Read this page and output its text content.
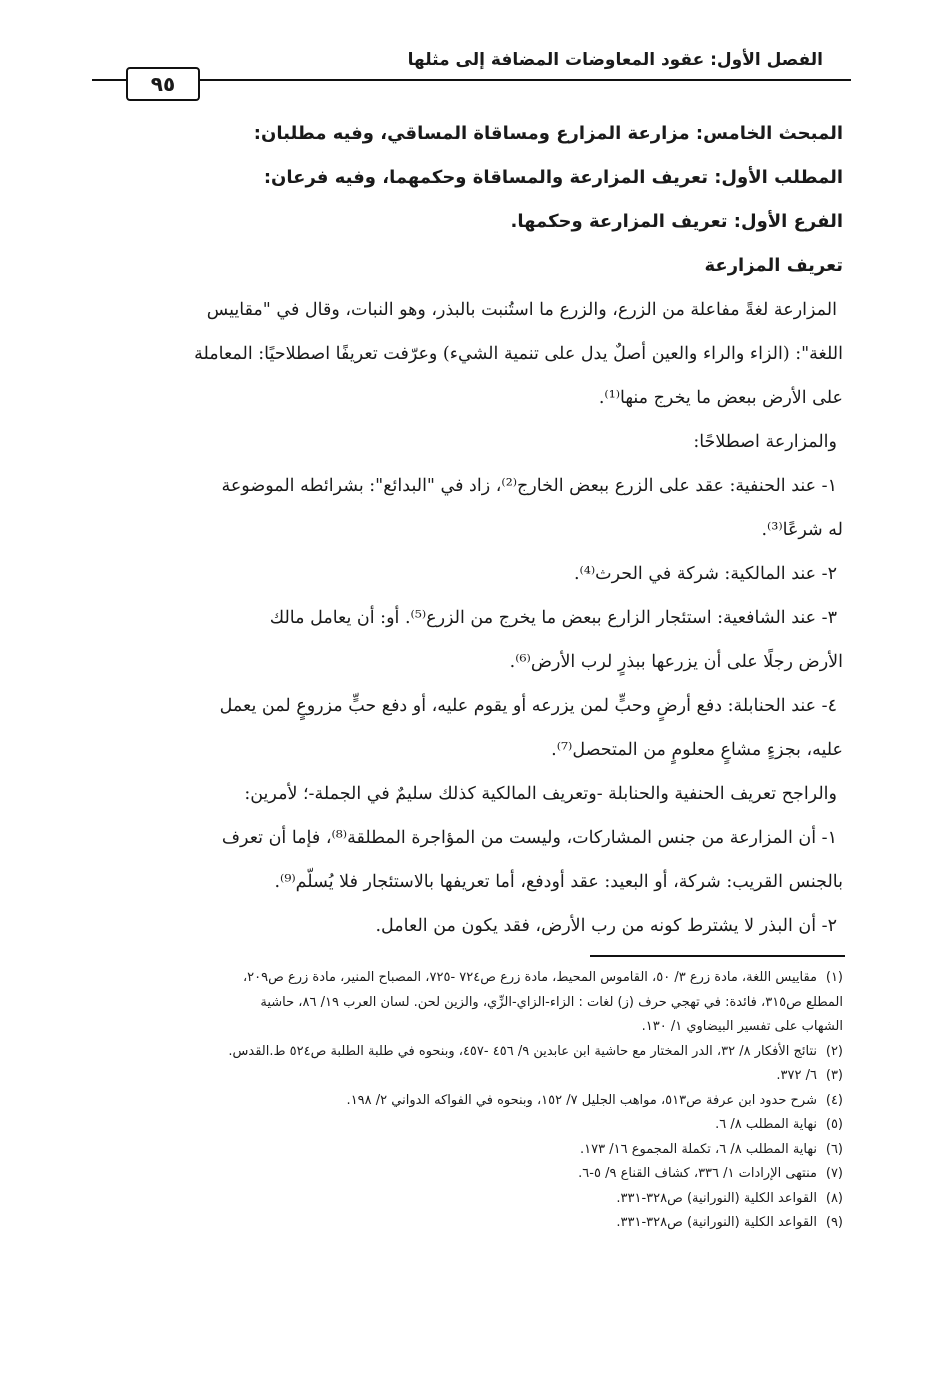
الفصل الأول: عقود المعاوضات المضافة إلى مثلها
٩٥

المبحث الخامس: مزارعة المزارع ومساقاة المساقي، وفيه مطلبان:

المطلب الأول: تعريف المزارعة والمساقاة وحكمهما، وفيه فرعان:

الفرع الأول: تعريف المزارعة وحكمها.

تعريف المزارعة

المزارعة لغةً مفاعلة من الزرع، والزرع ما استُنبت بالبذر، وهو النبات، وقال في "مقاييس

اللغة": (الزاء والراء والعين أصلٌ يدل على تنمية الشيء) وعرّفت تعريفًا اصطلاحيًا: المعاملة

على الأرض ببعض ما يخرج منها⁽¹⁾.

والمزارعة اصطلاحًا:

١- عند الحنفية: عقد على الزرع ببعض الخارج⁽²⁾، زاد في "البدائع": بشرائطه الموضوعة

له شرعًا⁽³⁾.

٢- عند المالكية: شركة في الحرث⁽⁴⁾.

٣- عند الشافعية: استئجار الزارع ببعض ما يخرج من الزرع⁽⁵⁾. أو: أن يعامل مالك

الأرض رجلًا على أن يزرعها ببذرٍ لرب الأرض⁽⁶⁾.

٤- عند الحنابلة: دفع أرضٍ وحبٍّ لمن يزرعه أو يقوم عليه، أو دفع حبٍّ مزروعٍ لمن يعمل

عليه، بجزءٍ مشاعٍ معلومٍ من المتحصل⁽⁷⁾.

والراجح تعريف الحنفية والحنابلة -وتعريف المالكية كذلك سليمٌ في الجملة-؛ لأمرين:

١- أن المزارعة من جنس المشاركات، وليست من المؤاجرة المطلقة⁽⁸⁾، فإما أن تعرف

بالجنس القريب: شركة، أو البعيد: عقد أودفع، أما تعريفها بالاستئجار فلا يُسلّم⁽⁹⁾.

٢- أن البذر لا يشترط كونه من رب الأرض، فقد يكون من العامل.

(١)مقاييس اللغة، مادة زرع ٣/ ٥٠، القاموس المحيط، مادة زرع ص٧٢٤ -٧٢٥، المصباح المنير، مادة زرع ص٢٠٩،

المطلع ص٣١٥، فائدة: في تهجي حرف (ز) لغات : الزاء-الزاي-الزِّي، والزين لحن. لسان العرب ١٩/ ٨٦، حاشية

الشهاب على تفسير البيضاوي ١/ ١٣٠.

(٢)نتائج الأفكار ٨/ ٣٢، الدر المختار مع حاشية ابن عابدين ٩/ ٤٥٦ -٤٥٧، وبنحوه في طلبة الطلبة ص٥٢٤ ط.القدس.

(٣)٦/ ٣٧٢.

(٤)شرح حدود ابن عرفة ص٥١٣، مواهب الجليل ٧/ ١٥٢، وبنحوه في الفواكه الدواني ٢/ ١٩٨.

(٥)نهاية المطلب ٨/ ٦.

(٦)نهاية المطلب ٨/ ٦، تكملة المجموع ١٦/ ١٧٣.

(٧)منتهى الإرادات ١/ ٣٣٦، كشاف القناع ٩/ ٥-٦.

(٨)القواعد الكلية (النورانية) ص٣٢٨-٣٣١.

(٩)القواعد الكلية (النورانية) ص٣٢٨-٣٣١.
